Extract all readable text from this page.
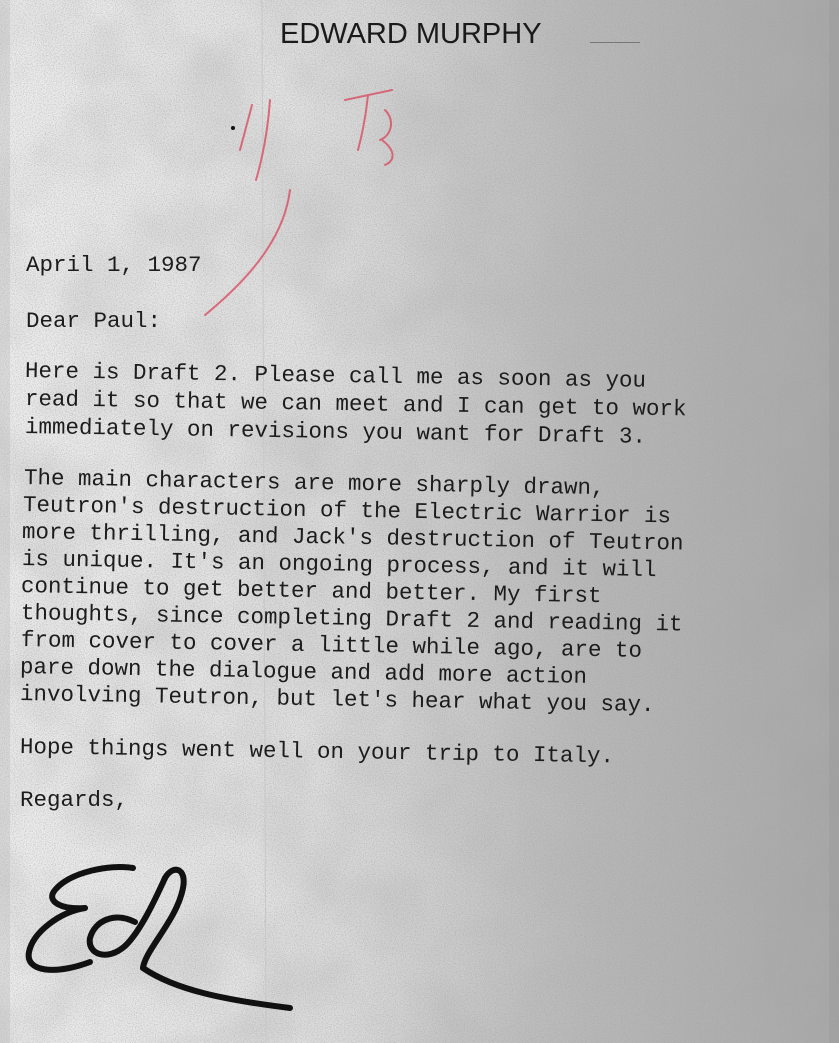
EDWARD MURPHY
April 1, 1987
Dear Paul:
Here is Draft 2. Please call me as soon as you
read it so that we can meet and I can get to work
immediately on revisions you want for Draft 3.
The main characters are more sharply drawn,
Teutron's destruction of the Electric Warrior is
more thrilling, and Jack's destruction of Teutron
is unique. It's an ongoing process, and it will
continue to get better and better. My first
thoughts, since completing Draft 2 and reading it
from cover to cover a little while ago, are to
pare down the dialogue and add more action
involving Teutron, but let's hear what you say.
Hope things went well on your trip to Italy.
Regards,
